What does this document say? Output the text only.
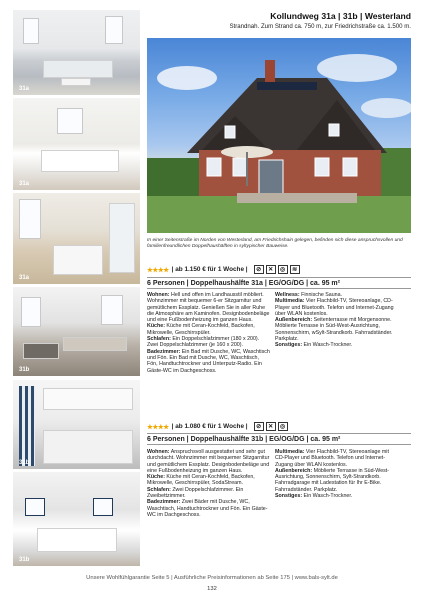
31a
31a
31a
31b
31b
31b
Kollundweg 31a | 31b | Westerland
Strandnah. Zum Strand ca. 750 m, zur Friedrichstraße ca. 1.500 m.
In einer Seitenstraße im Norden von Westerland, am Friedrichshain gelegen, befinden sich diese anspruchsvollen und familienfreundlichen Doppelhaushälften in syltypischer Bauweise.
★★★★ | ab 1.150 € für 1 Woche |	⊘	✕	◎	≋
6 Personen | Doppelhaushälfte 31a | EG/OG/DG | ca. 95 m²

Wohnen: Hell und offen im Landhausstil möbliert. Wohnzimmer mit bequemer 6-er Sitzgarnitur und gemütlichem Essplatz. Genießen Sie in aller Ruhe die Atmosphäre am Kaminofen. Designbodenbeläge und eine Fußbodenheizung im ganzen Haus.

Küche: Küche mit Ceran-Kochfeld, Backofen, Mikrowelle, Geschirrspüler.

Schlafen: Ein Doppelschlafzimmer (180 x 200). Zwei Doppelschlafzimmer (je 160 x 200).

Badezimmer: Ein Bad mit Dusche, WC, Waschtisch und Fön. Ein Bad mit Dusche, WC, Waschtisch, Fön, Handtuchtrockner und Unterputz-Radio. Ein Gäste-WC im Dachgeschoss.

Wellness: Finnische Sauna.

Multimedia: Vier Flachbild-TV, Stereoanlage, CD-Player und Bluetooth. Telefon und Internet-Zugang über WLAN kostenlos.

Außenbereich: Seitenterrasse mit Morgensonne. Möblierte Terrasse in Süd-West-Ausrichtung, Sonnenschirm, wSylt-Strandkorb. Fahrradständer. Parkplatz.

Sonstiges: Ein Wasch-Trockner.

★★★★ | ab 1.080 € für 1 Woche |	⊘	✕	◎
6 Personen | Doppelhaushälfte 31b | EG/OG/DG | ca. 95 m²

Wohnen: Anspruchsvoll ausgestattet und sehr gut durchdacht. Wohnzimmer mit bequemer Sitzgarnitur und gemütlichem Essplatz. Designbodenbeläge und eine Fußbodenheizung im ganzen Haus.

Küche: Küche mit Ceran-Kochfeld, Backofen, Mikrowelle, Geschirrspüler, SodaStream.

Schlafen: Zwei Doppelschlafzimmer. Ein Zweibettzimmer.

Badezimmer: Zwei Bäder mit Dusche, WC, Waschtisch, Handtuchtrockner und Fön. Ein Gäste-WC im Dachgeschoss.

Multimedia: Vier Flachbild-TV, Stereoanlage mit CD-Player und Bluetooth. Telefon und Internet-Zugang über WLAN kostenlos.

Außenbereich: Möblierte Terrasse in Süd-West-Ausrichtung, Sonnenschirm, Sylt-Strandkorb. Fahrradgarage mit Ladestation für Ihr E-Bike. Fahrradständer. Parkplatz.

Sonstiges: Ein Wasch-Trockner.

Unsere Wohlfühlgarantie Seite 5 | Ausführliche Preisinformationen ab Seite 175 | www.bals-sylt.de
132
